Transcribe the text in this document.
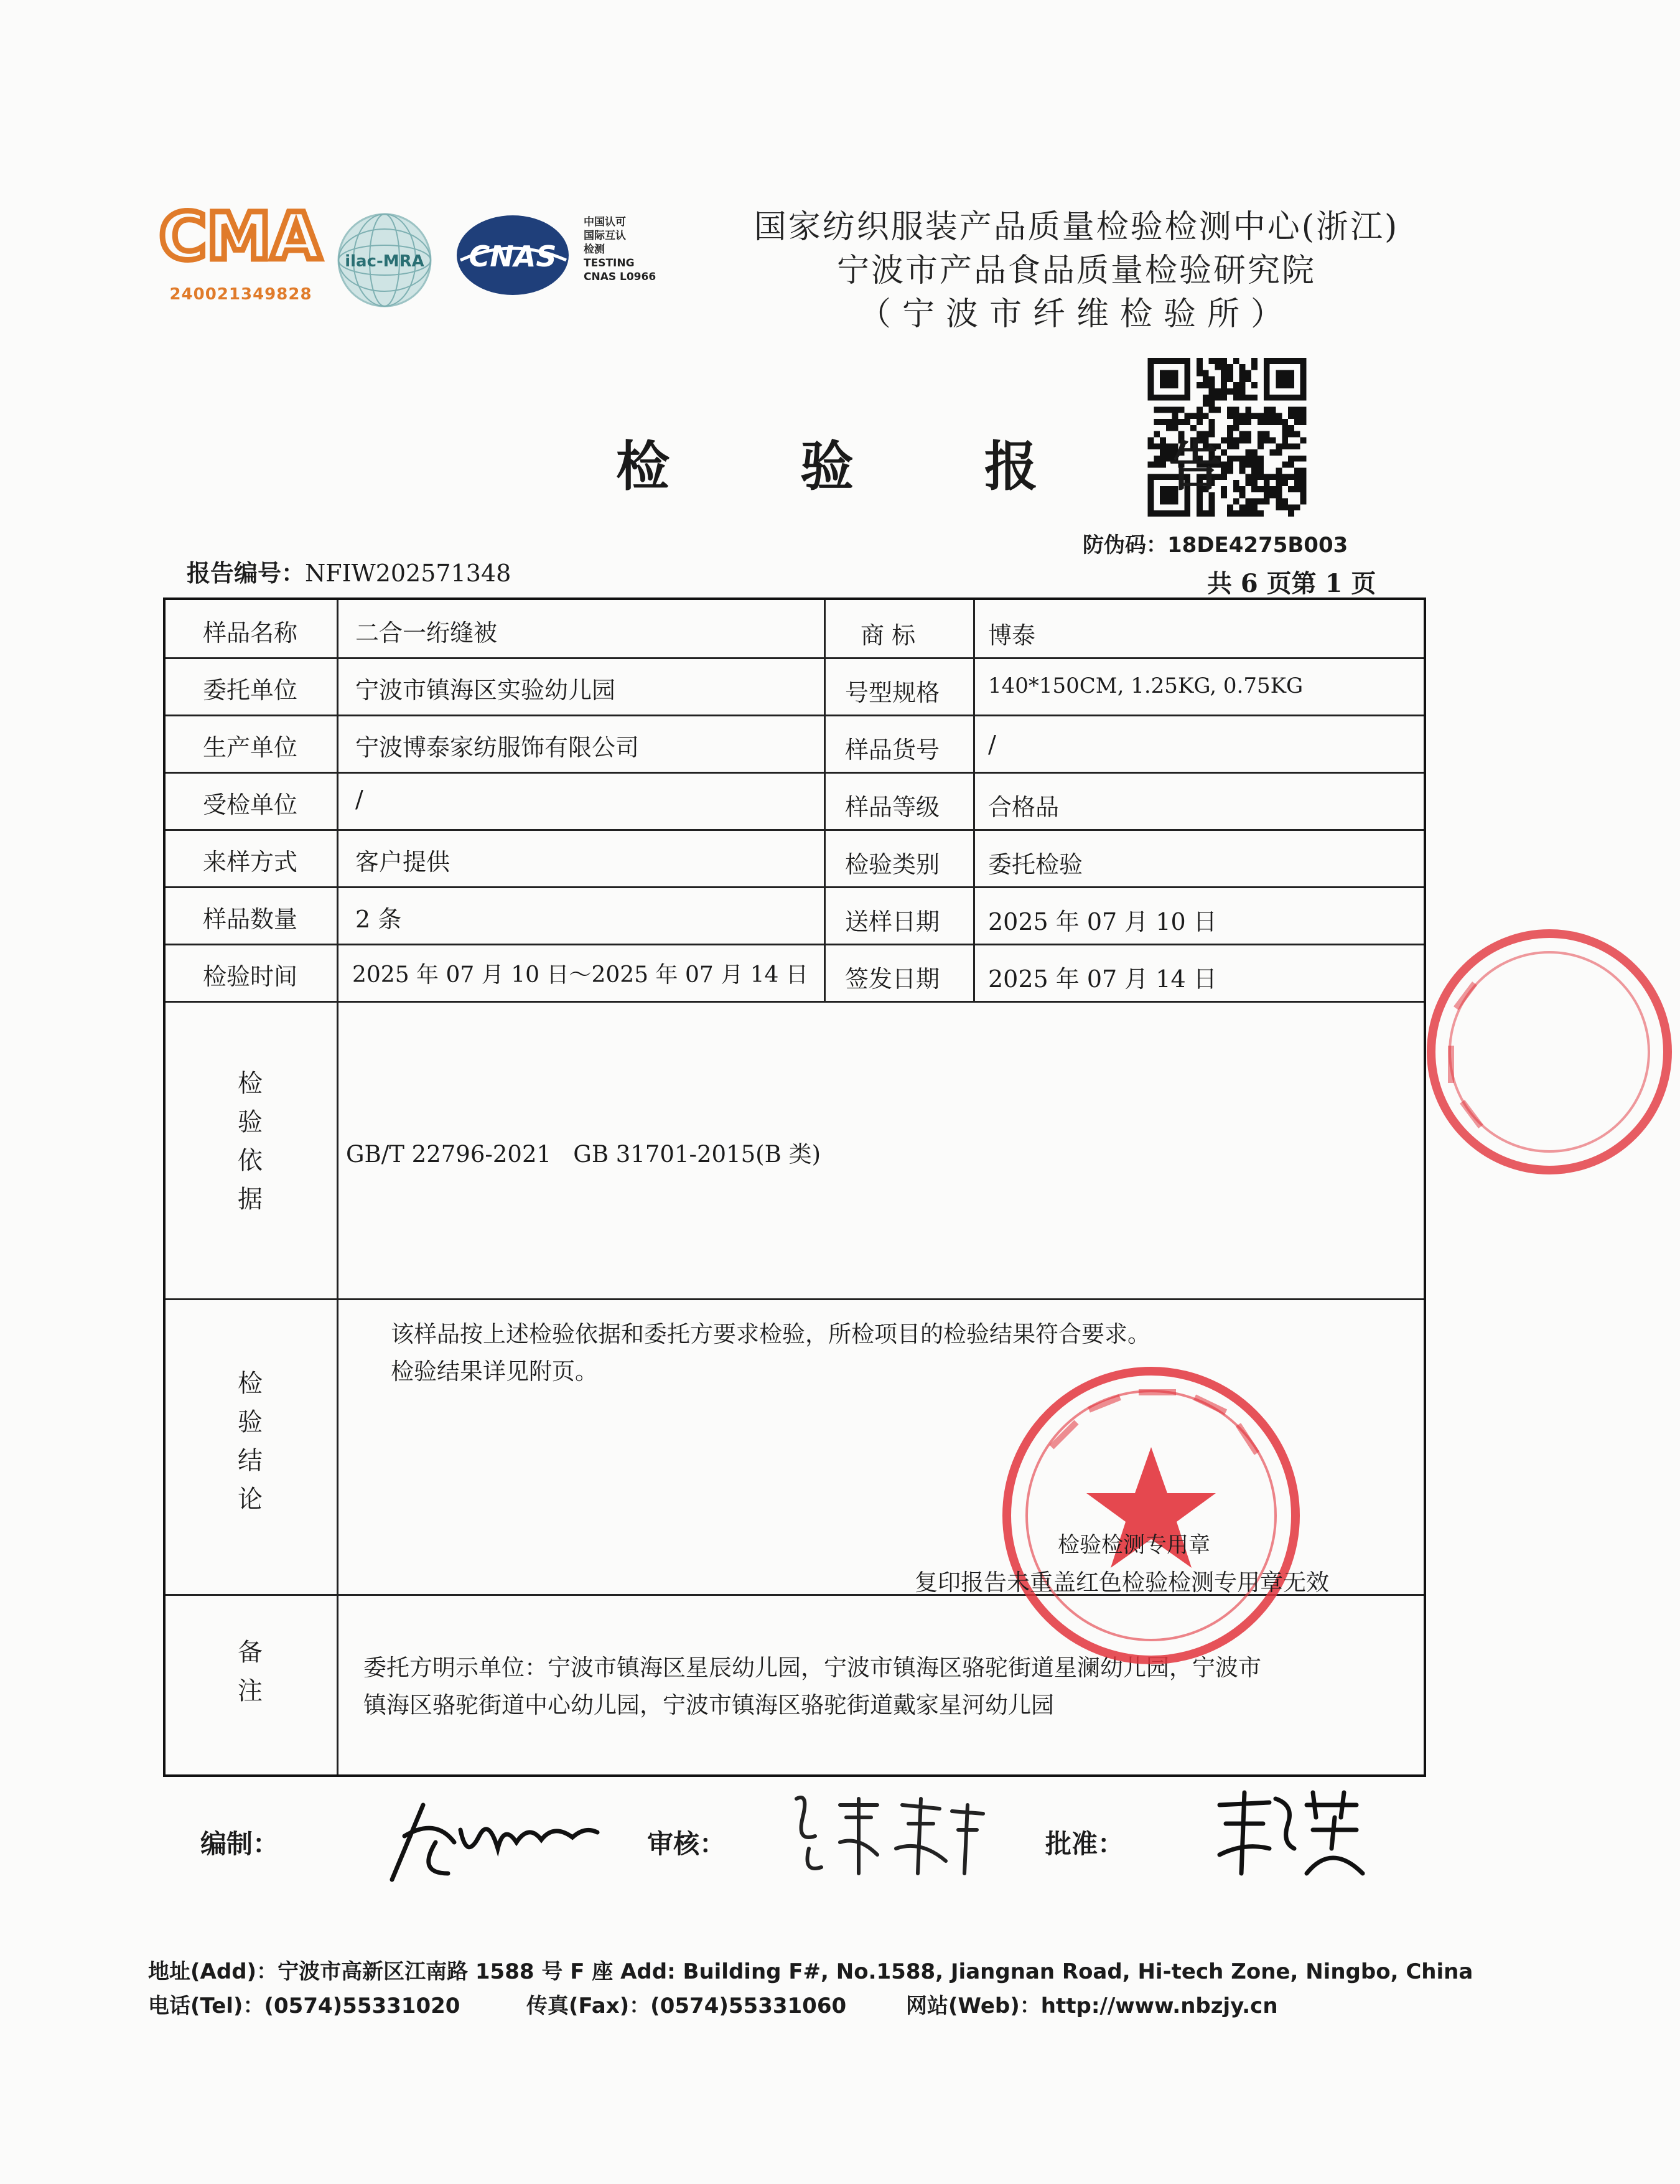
CMA
240021349828
ilac-MRA CNAS
中国认可
国际互认
检测
TESTING
CNAS L0966
国家纺织服装产品质量检验检测中心(浙江)
宁波市产品食品质量检验研究院
（宁波市纤维检验所）
检 验 报 告
防伪码：18DE4275B003
报告编号：NFIW202571348	共 6 页第 1 页
样品名称 二合一绗缝被	商 标	博泰
委托单位 宁波市镇海区实验幼儿园	号型规格 140*150CM, 1.25KG, 0.75KG
生产单位 宁波博泰家纺服饰有限公司	样品货号 /
受检单位 /	样品等级 合格品
来样方式 客户提供	检验类别 委托检验
样品数量 2 条	送样日期 2025 年 07 月 10 日
检验时间 2025 年 07 月 10 日～2025 年 07 月 14 日 签发日期 2025 年 07 月 14 日
检
验
依
据
GB/T 22796-2021   GB 31701-2015(B 类)
检
验
结
论
该样品按上述检验依据和委托方要求检验，所检项目的检验结果符合要求。
检验结果详见附页。
备
注
委托方明示单位：宁波市镇海区星辰幼儿园，宁波市镇海区骆驼街道星澜幼儿园，宁波市
镇海区骆驼街道中心幼儿园，宁波市镇海区骆驼街道戴家星河幼儿园
检验检测专用章
复印报告未重盖红色检验检测专用章无效
编制：	审核：	批准：
地址(Add)：宁波市高新区江南路 1588 号 F 座 Add: Building F#, No.1588, Jiangnan Road, Hi-tech Zone, Ningbo, China
电话(Tel)：(0574)55331020	传真(Fax)：(0574)55331060	网站(Web)：http://www.nbzjy.cn
